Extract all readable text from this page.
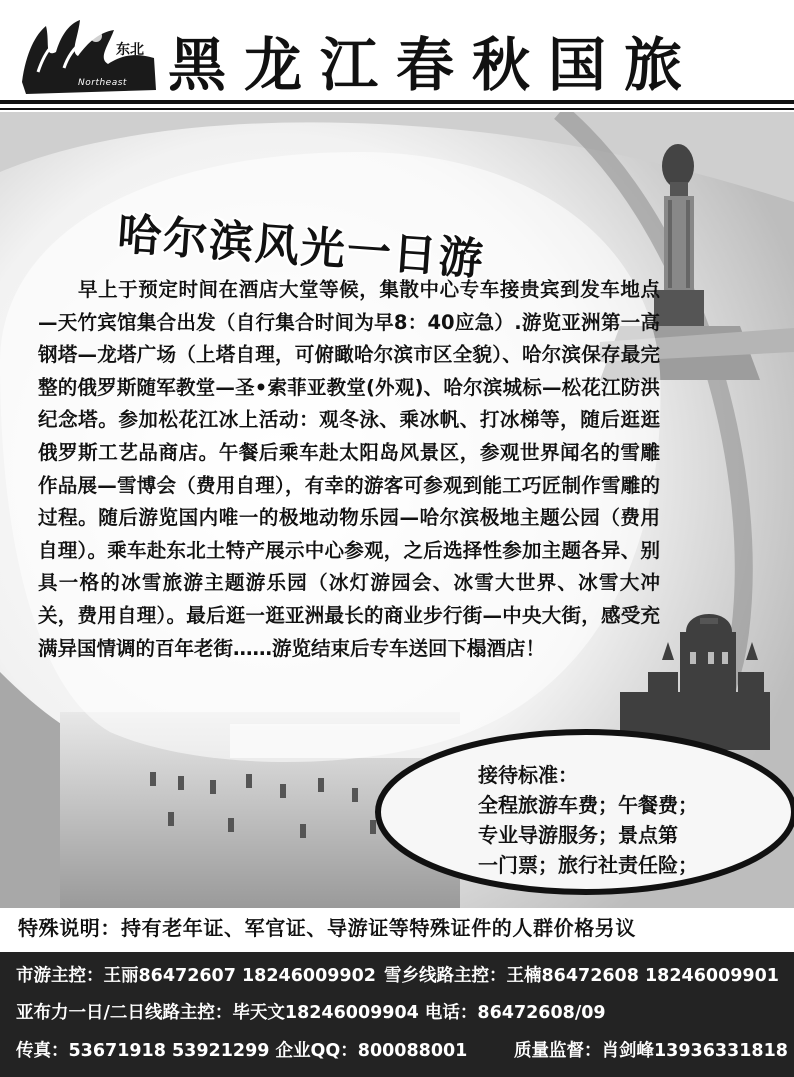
东北
Northeast 黑龙江春秋国旅
哈尔滨风光一日游

早上于预定时间在酒店大堂等候，集散中心专车接贵宾到发车地点—天竹宾馆集合出发（自行集合时间为早8：40应急）.游览亚洲第一高钢塔—龙塔广场（上塔自理，可俯瞰哈尔滨市区全貌）、哈尔滨保存最完整的俄罗斯随军教堂—圣•索菲亚教堂(外观)、哈尔滨城标—松花江防洪纪念塔。参加松花江冰上活动：观冬泳、乘冰帆、打冰梯等，随后逛逛俄罗斯工艺品商店。午餐后乘车赴太阳岛风景区，参观世界闻名的雪雕作品展—雪博会（费用自理），有幸的游客可参观到能工巧匠制作雪雕的过程。随后游览国内唯一的极地动物乐园—哈尔滨极地主题公园（费用自理）。乘车赴东北土特产展示中心参观，之后选择性参加主题各异、别具一格的冰雪旅游主题游乐园（冰灯游园会、冰雪大世界、冰雪大冲关，费用自理）。最后逛一逛亚洲最长的商业步行街—中央大街，感受充满异国情调的百年老街……游览结束后专车送回下榻酒店！

接待标准：

全程旅游车费；午餐费；

专业导游服务；景点第

一门票；旅行社责任险；

特殊说明：持有老年证、军官证、导游证等特殊证件的人群价格另议
市游主控：王丽86472607 18246009902 雪乡线路主控：王楠86472608 18246009901
亚布力一日/二日线路主控：毕天文18246009904 电话：86472608/09
传真：53671918 53921299 企业QQ：800088001	质量监督：肖剑峰13936331818
